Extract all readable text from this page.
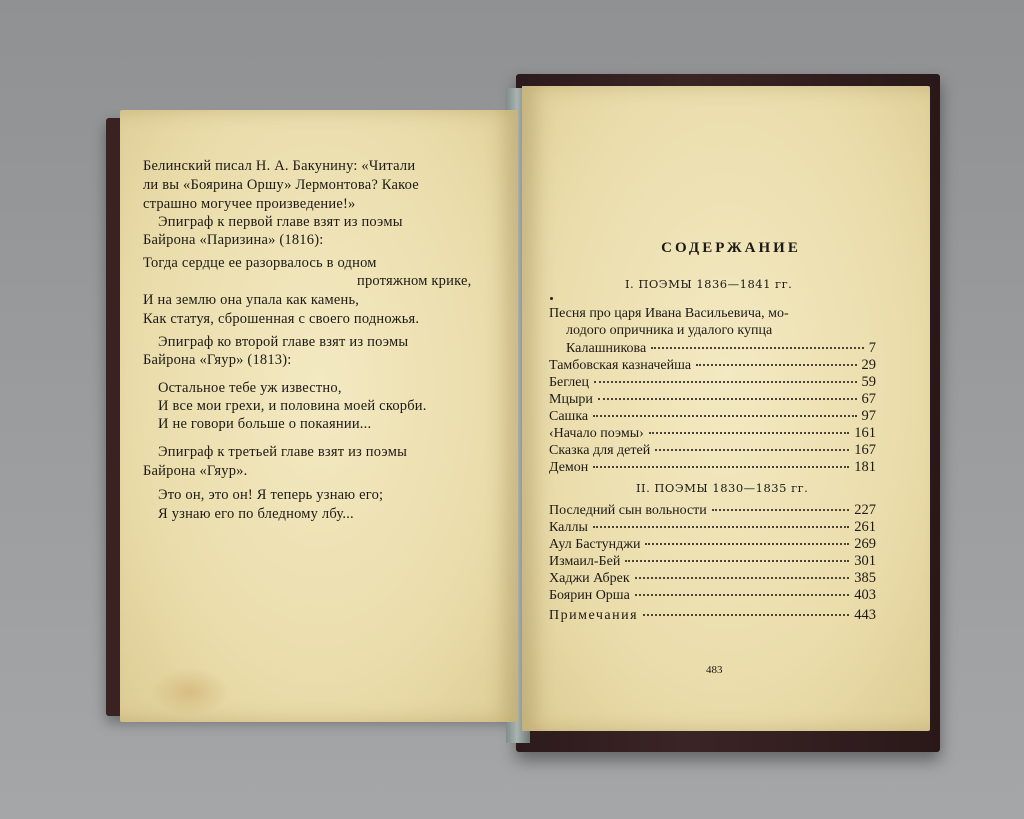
Белинский писал Н. А. Бакунину: «Читали
ли вы «Боярина Оршу» Лермонтова? Какое
страшно могучее произведение!»
Эпиграф к первой главе взят из поэмы
Байрона «Паризина» (1816):
Тогда сердце ее разорвалось в одном
протяжном крике,
И на землю она упала как камень,
Как статуя, сброшенная с своего подножья.
Эпиграф ко второй главе взят из поэмы
Байрона «Гяур» (1813):
Остальное тебе уж известно,
И все мои грехи, и половина моей скорби.
И не говори больше о покаянии...
Эпиграф к третьей главе взят из поэмы
Байрона «Гяур».
Это он, это он! Я теперь узнаю его;
Я узнаю его по бледному лбу...
СОДЕРЖАНИЕ
I. ПОЭМЫ 1836—1841 гг.
Песня про царя Ивана Васильевича, мо-
лодого опричника и удалого купца
Калашникова	7
Тамбовская казначейша	29
Беглец	59
Мцыри	67
Сашка	97
‹Начало поэмы›	161
Сказка для детей	167
Демон	181
II. ПОЭМЫ 1830—1835 гг.
Последний сын вольности	227
Каллы	261
Аул Бастунджи	269
Измаил-Бей	301
Хаджи Абрек	385
Боярин Орша	403
Примечания	443
483
